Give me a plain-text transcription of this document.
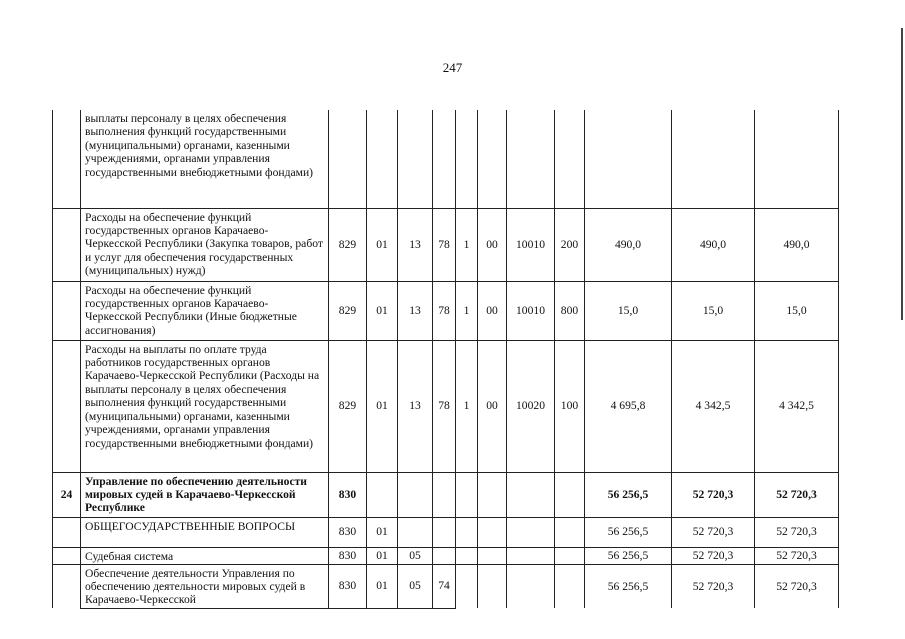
247
	выплаты персоналу в целях обеспечения выполнения функций государственными (муниципальными) органами, казенными учреждениями, органами управления государственными внебюджетными фондами)											
	Расходы на обеспечение функций государственных органов Карачаево-Черкесской Республики (Закупка товаров, работ и услуг для обеспечения государственных (муниципальных) нужд)	829	01	13	78	1	00	10010	200	490,0	490,0	490,0
	Расходы на обеспечение функций государственных органов Карачаево-Черкесской Республики (Иные бюджетные ассигнования)	829	01	13	78	1	00	10010	800	15,0	15,0	15,0
	Расходы на выплаты по оплате труда работников государственных органов Карачаево-Черкесской Республики (Расходы на выплаты персоналу в целях обеспечения выполнения функций государственными (муниципальными) органами, казенными учреждениями, органами управления государственными внебюджетными фондами)	829	01	13	78	1	00	10020	100	4 695,8	4 342,5	4 342,5
24	Управление по обеспечению деятельности мировых судей в Карачаево-Черкесской Республике	830								56 256,5	52 720,3	52 720,3
	ОБЩЕГОСУДАРСТВЕННЫЕ ВОПРОСЫ	830	01							56 256,5	52 720,3	52 720,3
	Судебная система	830	01	05						56 256,5	52 720,3	52 720,3
	Обеспечение деятельности Управления по обеспечению деятельности мировых судей в Карачаево-Черкесской	830	01	05	74					56 256,5	52 720,3	52 720,3
